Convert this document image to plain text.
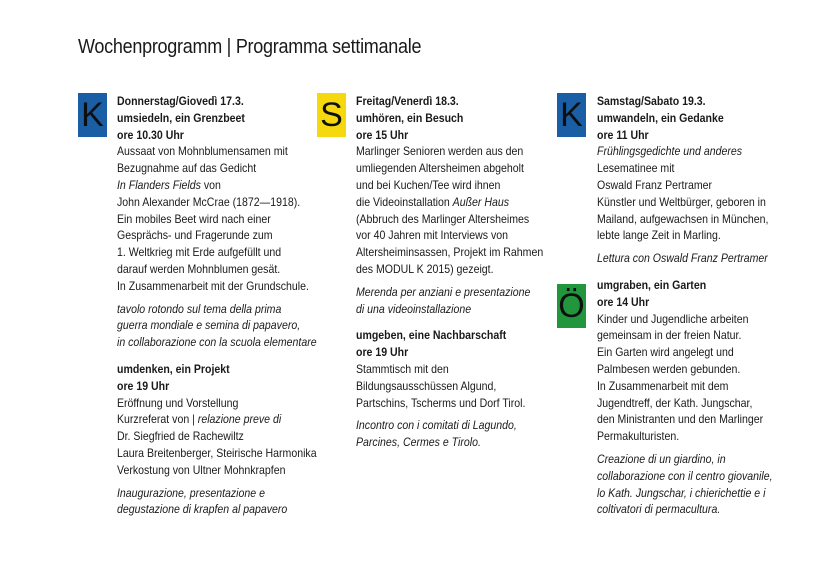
Wochenprogramm | Programma settimanale
K Donnerstag/Giovedì 17.3.
umsiedeln, ein Grenzbeet
ore 10.30 Uhr
Aussaat von Mohnblumensamen mit
Bezugnahme auf das Gedicht
In Flanders Fields von
John Alexander McCrae (1872—1918).
Ein mobiles Beet wird nach einer
Gesprächs- und Fragerunde zum
1. Weltkrieg mit Erde aufgefüllt und
darauf werden Mohnblumen gesät.
In Zusammenarbeit mit der Grundschule.
tavolo rotondo sul tema della prima
guerra mondiale e semina di papavero,
in collaborazione con la scuola elementare
umdenken, ein Projekt
ore 19 Uhr
Eröffnung und Vorstellung
Kurzreferat von | relazione preve di
Dr. Siegfried de Rachewiltz
Laura Breitenberger, Steirische Harmonika
Verkostung von Ultner Mohnkrapfen
Inaugurazione, presentazione e
degustazione di krapfen al papavero
S Freitag/Venerdì 18.3.
umhören, ein Besuch
ore 15 Uhr
Marlinger Senioren werden aus den
umliegenden Altersheimen abgeholt
und bei Kuchen/Tee wird ihnen
die Videoinstallation Außer Haus
(Abbruch des Marlinger Altersheimes
vor 40 Jahren mit Interviews von
Altersheiminsassen, Projekt im Rahmen
des MODUL K 2015) gezeigt.
Merenda per anziani e presentazione
di una videoinstallazione
umgeben, eine Nachbarschaft
ore 19 Uhr
Stammtisch mit den
Bildungsausschüssen Algund,
Partschins, Tscherms und Dorf Tirol.
Incontro con i comitati di Lagundo,
Parcines, Cermes e Tirolo.
K
Ö
Samstag/Sabato 19.3.
umwandeln, ein Gedanke
ore 11 Uhr
Frühlingsgedichte und anderes
Lesematinee mit
Oswald Franz Pertramer
Künstler und Weltbürger, geboren in
Mailand, aufgewachsen in München,
lebte lange Zeit in Marling.
Lettura con Oswald Franz Pertramer
umgraben, ein Garten
ore 14 Uhr
Kinder und Jugendliche arbeiten
gemeinsam in der freien Natur.
Ein Garten wird angelegt und
Palmbesen werden gebunden.
In Zusammenarbeit mit dem
Jugendtreff, der Kath. Jungschar,
den Ministranten und den Marlinger
Permakulturisten.
Creazione di un giardino, in
collaborazione con il centro giovanile,
lo Kath. Jungschar, i chierichettie e i
coltivatori di permacultura.
